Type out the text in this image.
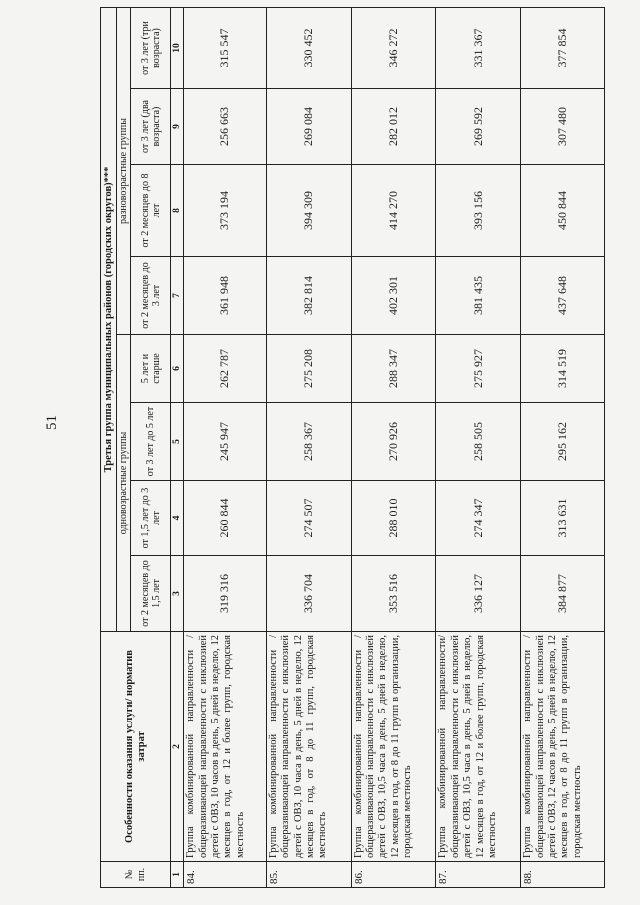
51
№ пп.	Особенности оказания услуги/ норматив затрат	Третья группа муниципальных районов (городских округов)***							
		одновозрастные группы				разновозрастные группы			
		от 2 месяцев до 1,5 лет	от 1,5 лет до 3 лет	от 3 лет до 5 лет	5 лет и старше	от 2 месяцев до 3 лет	от 2 месяцев до 8 лет	от 3 лет (два возраста)	от 3 лет (три возраста)
1	2	3	4	5	6	7	8	9	10
84.	Группа комбинированной направленности / общеразвивающей направленности с инклюзией детей с ОВЗ, 10 часов в день, 5 дней в неделю, 12 месяцев в год, от 12 и более групп, городская местность	319 316	260 844	245 947	262 787	361 948	373 194	256 663	315 547
85.	Группа комбинированной направленности / общеразвивающей направленности с инклюзией детей с ОВЗ, 10 часа в день, 5 дней в неделю, 12 месяцев в год, от 8 до 11 групп, городская местность	336 704	274 507	258 367	275 208	382 814	394 309	269 084	330 452
86.	Группа комбинированной направленности / общеразвивающей направленности с инклюзией детей с ОВЗ, 10,5 часа в день, 5 дней в неделю, 12 месяцев в год, от 8 до 11 групп в организации, городская местность	353 516	288 010	270 926	288 347	402 301	414 270	282 012	346 272
87.	Группа комбинированной направленности/ общеразвивающей направленности с инклюзией детей с ОВЗ, 10,5 часа в день, 5 дней в неделю, 12 месяцев в год, от 12 и более групп, городская местность	336 127	274 347	258 505	275 927	381 435	393 156	269 592	331 367
88.	Группа комбинированной направленности / общеразвивающей направленности с инклюзией детей с ОВЗ, 12 часов в день, 5 дней в неделю, 12 месяцев в год, от 8 до 11 групп в организации, городская местность	384 877	313 631	295 162	314 519	437 648	450 844	307 480	377 854
